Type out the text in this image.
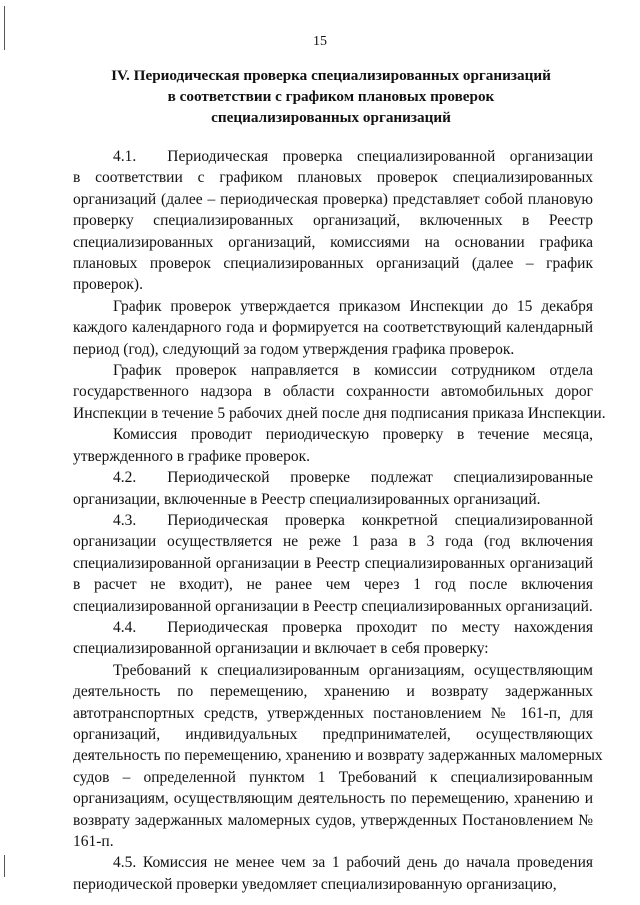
15
IV. Периодическая проверка специализированных организаций
в соответствии с графиком плановых проверок
специализированных организаций
4.1.  Периодическая проверка специализированной организации
в соответствии с графиком плановых проверок специализированных
организаций (далее – периодическая проверка) представляет собой плановую
проверку специализированных организаций, включенных в Реестр
специализированных организаций, комиссиями на основании графика
плановых проверок специализированных организаций (далее – график
проверок).
График проверок утверждается приказом Инспекции до 15 декабря
каждого календарного года и формируется на соответствующий календарный
период (год), следующий за годом утверждения графика проверок.
График проверок направляется в комиссии сотрудником отдела
государственного надзора в области сохранности автомобильных дорог
Инспекции в течение 5 рабочих дней после дня подписания приказа Инспекции.
Комиссия проводит периодическую проверку в течение месяца,
утвержденного в графике проверок.
4.2.  Периодической проверке подлежат специализированные
организации, включенные в Реестр специализированных организаций.
4.3.  Периодическая проверка конкретной специализированной
организации осуществляется не реже 1 раза в 3 года (год включения
специализированной организации в Реестр специализированных организаций
в расчет не входит), не ранее чем через 1 год после включения
специализированной организации в Реестр специализированных организаций.
4.4.  Периодическая проверка проходит по месту нахождения
специализированной организации и включает в себя проверку:
Требований к специализированным организациям, осуществляющим
деятельность по перемещению, хранению и возврату задержанных
автотранспортных средств, утвержденных постановлением № 161-п, для
организаций, индивидуальных предпринимателей, осуществляющих
деятельность по перемещению, хранению и возврату задержанных маломерных
судов – определенной пунктом 1 Требований к специализированным
организациям, осуществляющим деятельность по перемещению, хранению и
возврату задержанных маломерных судов, утвержденных Постановлением №
161-п.
4.5. Комиссия не менее чем за 1 рабочий день до начала проведения
периодической проверки уведомляет специализированную организацию,
